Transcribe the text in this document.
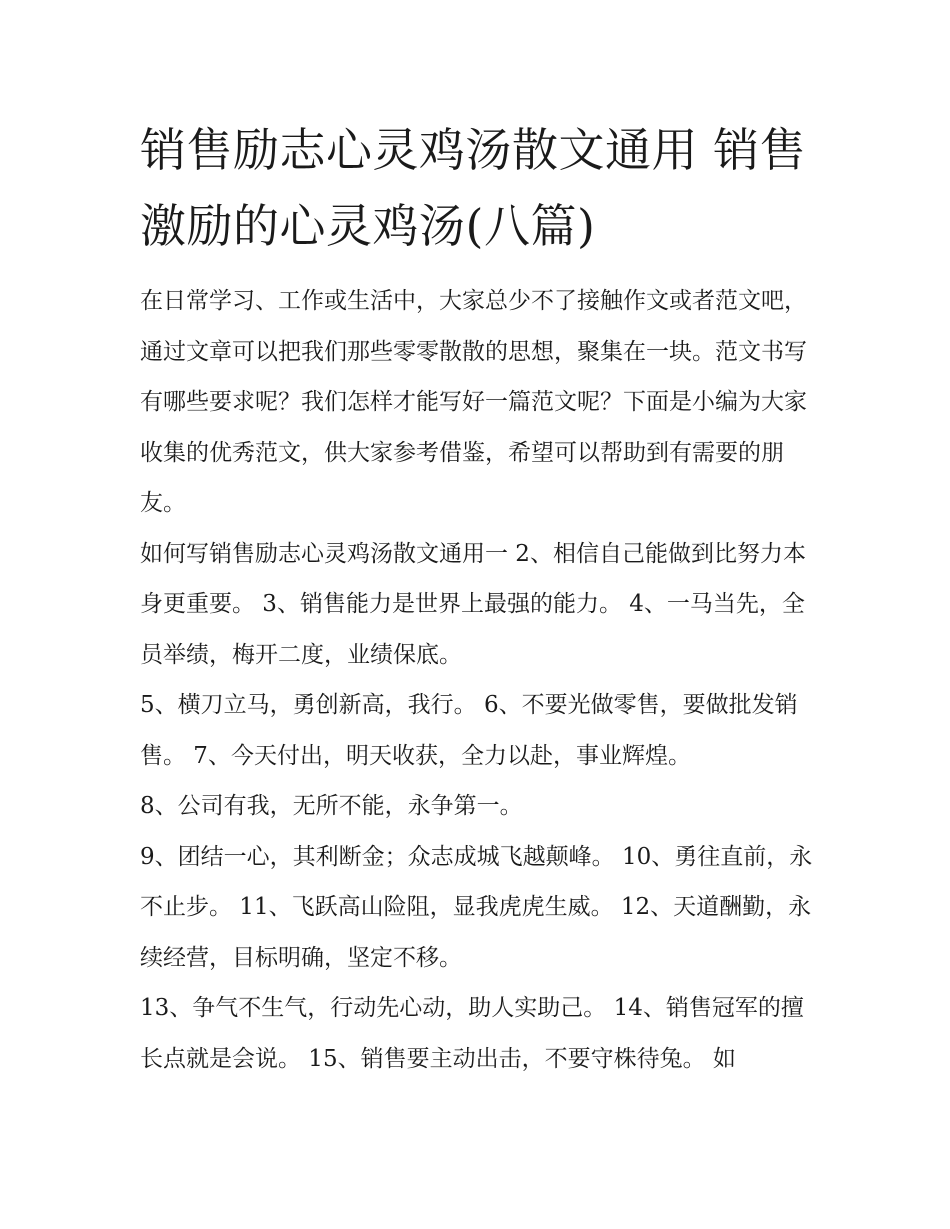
销售励志心灵鸡汤散文通用 销售激励的心灵鸡汤(八篇)

在日常学习、工作或生活中，大家总少不了接触作文或者范文吧，通过文章可以把我们那些零零散散的思想，聚集在一块。范文书写有哪些要求呢？我们怎样才能写好一篇范文呢？下面是小编为大家收集的优秀范文，供大家参考借鉴，希望可以帮助到有需要的朋友。

如何写销售励志心灵鸡汤散文通用一 2、相信自己能做到比努力本身更重要。 3、销售能力是世界上最强的能力。 4、一马当先，全员举绩，梅开二度，业绩保底。

5、横刀立马，勇创新高，我行。 6、不要光做零售，要做批发销售。 7、今天付出，明天收获，全力以赴，事业辉煌。

8、公司有我，无所不能，永争第一。

9、团结一心，其利断金；众志成城飞越颠峰。 10、勇往直前，永不止步。 11、飞跃高山险阻，显我虎虎生威。 12、天道酬勤，永续经营，目标明确，坚定不移。

13、争气不生气，行动先心动，助人实助己。 14、销售冠军的擅长点就是会说。 15、销售要主动出击，不要守株待兔。 如
